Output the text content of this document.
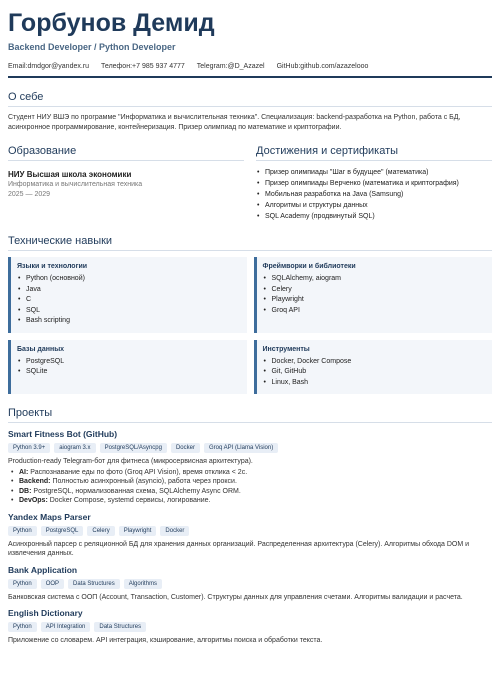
Горбунов Демид
Backend Developer / Python Developer
Email:dmdgor@yandex.ru Телефон:+7 985 937 4777 Telegram:@D_Azazel GitHub:github.com/azazelooo
О себе
Студент НИУ ВШЭ по программе "Информатика и вычислительная техника". Специализация: backend-разработка на Python, работа с БД, асинхронное программирование, контейнеризация. Призер олимпиад по математике и криптографии.
Образование
НИУ Высшая школа экономики
Информатика и вычислительная техника
2025 — 2029
Достижения и сертификаты
• Призер олимпиады "Шаг в будущее" (математика)
• Призер олимпиады Верченко (математика и криптография)
• Мобильная разработка на Java (Samsung)
• Алгоритмы и структуры данных
• SQL Academy (продвинутый SQL)
Технические навыки
Языки и технологии
• Python (основной)
• Java
• C
• SQL
• Bash scripting
Фреймворки и библиотеки
• SQLAlchemy, aiogram
• Celery
• Playwright
• Groq API
Базы данных
• PostgreSQL
• SQLite
Инструменты
• Docker, Docker Compose
• Git, GitHub
• Linux, Bash
Проекты
Smart Fitness Bot (GitHub)
Python 3.9+	aiogram 3.x	PostgreSQL/Asyncpg	Docker	Groq API (Llama Vision)
Production-ready Telegram-бот для фитнеса (микросервисная архитектура).
• AI: Распознавание еды по фото (Groq API Vision), время отклика < 2с.
• Backend: Полностью асинхронный (asyncio), работа через прокси.
• DB: PostgreSQL, нормализованная схема, SQLAlchemy Async ORM.
• DevOps: Docker Compose, systemd сервисы, логирование.
Yandex Maps Parser
Python	PostgreSQL	Celery	Playwright	Docker
Асинхронный парсер с реляционной БД для хранения данных организаций. Распределенная архитектура (Celery). Алгоритмы обхода DOM и извлечения данных.
Bank Application
Python	OOP	Data Structures	Algorithms
Банковская система с ООП (Account, Transaction, Customer). Структуры данных для управления счетами. Алгоритмы валидации и расчета.
English Dictionary
Python	API Integration	Data Structures
Приложение со словарем. API интеграция, кэширование, алгоритмы поиска и обработки текста.
